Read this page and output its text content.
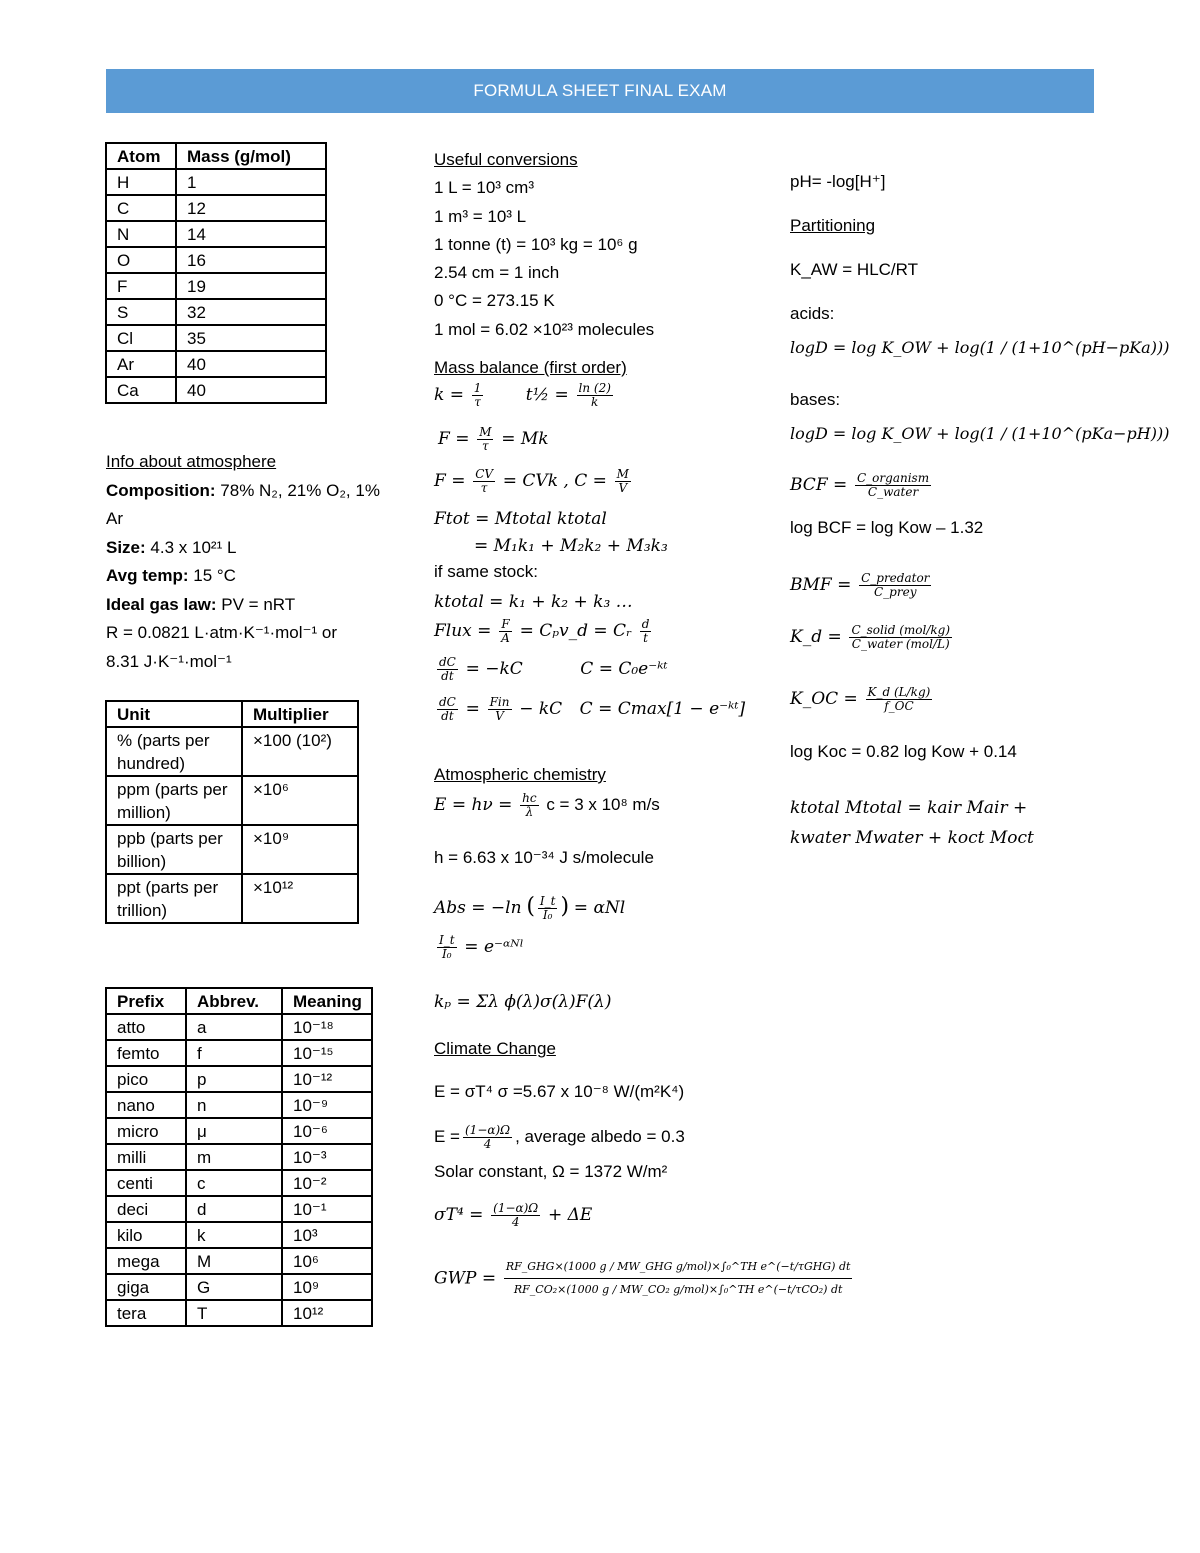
FORMULA SHEET FINAL EXAM
Atom	Mass (g/mol)
H	1
C	12
N	14
O	16
F	19
S	32
Cl	35
Ar	40
Ca	40
Info about atmosphere
Composition: 78% N₂, 21% O₂, 1% Ar
Size: 4.3 x 10²¹ L
Avg temp: 15 °C
Ideal gas law: PV = nRT
R = 0.0821 L·atm·K⁻¹·mol⁻¹ or
8.31 J·K⁻¹·mol⁻¹
Unit	Multiplier
% (parts per hundred)	×100 (10²)
ppm (parts per million)	×10⁶
ppb (parts per billion)	×10⁹
ppt (parts per trillion)	×10¹²
Prefix	Abbrev.	Meaning
atto	a	10⁻¹⁸
femto	f	10⁻¹⁵
pico	p	10⁻¹²
nano	n	10⁻⁹
micro	μ	10⁻⁶
milli	m	10⁻³
centi	c	10⁻²
deci	d	10⁻¹
kilo	k	10³
mega	M	10⁶
giga	G	10⁹
tera	T	10¹²
Useful conversions
1 L = 10³ cm³
1 m³ = 10³ L
1 tonne (t) = 10³ kg = 10⁶ g
2.54 cm = 1 inch
0 °C = 273.15 K
1 mol = 6.02 ×10²³ molecules
Mass balance (first order)
$k = \frac{1}{\tau}$ t½ = $\frac{\ln (2)}{k}$
$F = \frac{M}{\tau} = Mk$
$F = \frac{CV}{\tau}$ = CVk , $C = \frac{M}{V}$
Ftot = Mtotal ktotal
= M₁k₁ + M₂k₂ + M₃k₃
if same stock:
ktotal = k₁ + k₂ + k₃ …
Flux = $\frac{F}{A}$ = Cₚv_d = Cᵣ $\frac{d}{t}$
$\frac{dC}{dt} = -kC$	C = C₀e⁻ᵏᵗ
$\frac{dC}{dt}$ = Fin
V − kC C = Cmax[1 − e⁻ᵏᵗ]
Atmospheric chemistry
$E = h\nu = \frac{hc}{\lambda}$ c = 3 x 10⁸ m/s
h = 6.63 x 10⁻³⁴ J s/molecule
Abs = −ln ( $\frac{I\_t}{\text{I₀}}$ ) = αNl
$\frac{I\_t}{\text{I₀}}$ = e⁻ᵅᴺˡ
kₚ = Σλ ϕ(λ)σ(λ)F(λ)
Climate Change
E = σT⁴ σ =5.67 x 10⁻⁸ W/(m²K⁴)
$E = \frac{(1-\alpha)\Omega}{4}$ , average albedo = 0.3
Solar constant, Ω = 1372 W/m²
$\sigma T^4 = \frac{(1-\alpha)\Omega}{4} + \Delta E$
GWP =
RF_GHG×(1000 g / MW_GHG g/mol)×∫₀^TH e^(−t/τGHG) dt
RF_CO₂×(1000 g / MW_CO₂ g/mol)×∫₀^TH e^(−t/τCO₂) dt
pH= -log[H⁺]
Partitioning
K_AW = HLC/RT
acids:
logD = log K_OW + log(1 / (1+10^(pH−pKa)))
bases:
logD = log K_OW + log(1 / (1+10^(pKa−pH)))
BCF = C_organism
C_water
log BCF = log Kow – 1.32
BMF = C_predator
C_prey
K_d = C_solid (mol/kg)
C_water (mol/L)
K_OC = $\frac{K\_d (L/kg)}{f\_OC}$
log Koc = 0.82 log Kow + 0.14
ktotal Mtotal = kair Mair +
kwater Mwater + koct Moct
